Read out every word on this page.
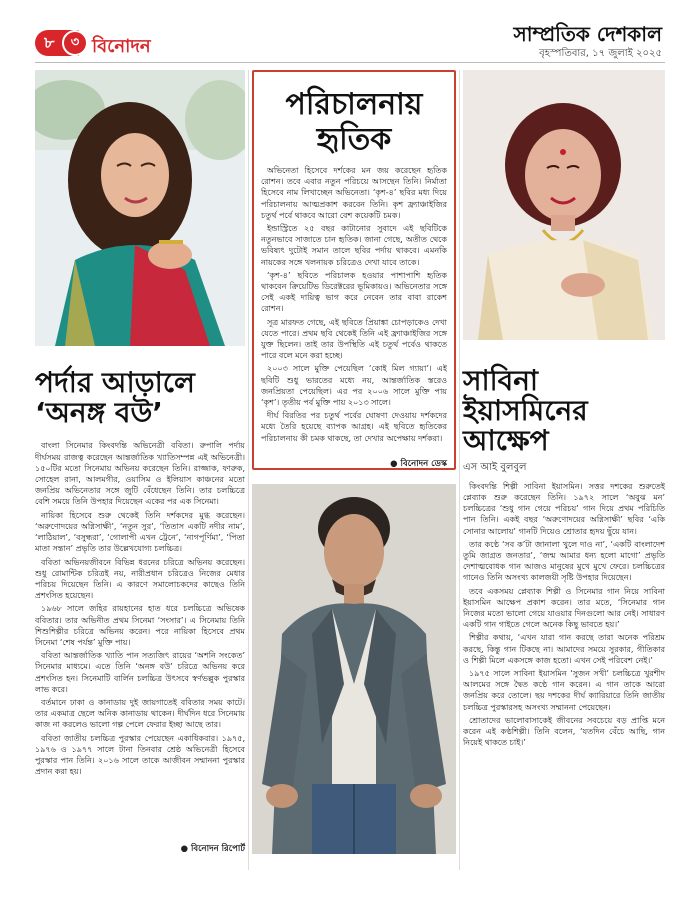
৮	৩ বিনোদন
সাম্প্রতিক দেশকাল
বৃহস্পতিবার, ১৭ জুলাই ২০২৫
পর্দার আড়ালে
‘অনঙ্গ বউ’

বাংলা সিনেমার কিংবদন্তি অভিনেত্রী ববিতা। রুপালি পর্দায় দীর্ঘসময় রাজত্ব করেছেন আন্তর্জাতিক খ্যাতিসম্পন্ন এই অভিনেত্রী। ১৫০টির মতো সিনেমায় অভিনয় করেছেন তিনি। রাজ্জাক, ফারুক, সোহেল রানা, আলমগীর, ওয়াসিম ও ইলিয়াস কাঞ্চনের মতো জনপ্রিয় অভিনেতার সঙ্গে জুটি বেঁধেছেন তিনি। তার চলচ্চিত্রে বেশি সময়ে তিনি উপহার দিয়েছেন একের পর এক সিনেমা।

নায়িকা হিসেবে শুরু থেকেই তিনি দর্শকদের মুগ্ধ করেছেন। ‘অরুণোদয়ের অগ্নিসাক্ষী’, ‘নতুন সুর’, ‘তিতাস একটি নদীর নাম’, ‘লাঠিয়াল’, ‘বসুন্ধরা’, ‘গোলাপী এখন ট্রেনে’, ‘নাগপূর্ণিমা’, ‘পিতা মাতা সন্তান’ প্রভৃতি তার উল্লেখযোগ্য চলচ্চিত্র।

ববিতা অভিনয়জীবনে বিভিন্ন ধরনের চরিত্রে অভিনয় করেছেন। শুধু রোমান্টিক চরিত্রই নয়, নারীপ্রধান চরিত্রেও নিজের মেধার পরিচয় দিয়েছেন তিনি। এ কারণে সমালোচকদের কাছেও তিনি প্রশংসিত হয়েছেন।

১৯৬৮ সালে জহির রায়হানের হাত ধরে চলচ্চিত্রে অভিষেক ববিতার। তার অভিনীত প্রথম সিনেমা ‘সংসার’। এ সিনেমায় তিনি শিশুশিল্পীর চরিত্রে অভিনয় করেন। পরে নায়িকা হিসেবে প্রথম সিনেমা ‘শেষ পর্যন্ত’ মুক্তি পায়।

ববিতা আন্তর্জাতিক খ্যাতি পান সত্যজিৎ রায়ের ‘অশনি সংকেত’ সিনেমার মাধ্যমে। এতে তিনি ‘অনঙ্গ বউ’ চরিত্রে অভিনয় করে প্রশংসিত হন। সিনেমাটি বার্লিন চলচ্চিত্র উৎসবে স্বর্ণভল্লুক পুরস্কার লাভ করে।

বর্তমানে ঢাকা ও কানাডায় দুই জায়গাতেই ববিতার সময় কাটে। তার একমাত্র ছেলে অনিক কানাডায় থাকেন। দীর্ঘদিন ধরে সিনেমায় কাজ না করলেও ভালো গল্প পেলে ফেরার ইচ্ছা আছে তার।

ববিতা জাতীয় চলচ্চিত্র পুরস্কার পেয়েছেন একাধিকবার। ১৯৭৫, ১৯৭৬ ও ১৯৭৭ সালে টানা তিনবার শ্রেষ্ঠ অভিনেত্রী হিসেবে পুরস্কার পান তিনি। ২০১৬ সালে তাকে আজীবন সম্মাননা পুরস্কার প্রদান করা হয়।

● বিনোদন রিপোর্ট
পরিচালনায়
হৃতিক

অভিনেতা হিসেবে দর্শকের মন জয় করেছেন হৃতিক রোশন। তবে এবার নতুন পরিচয়ে আসছেন তিনি। নির্মাতা হিসেবে নাম লিখাচ্ছেন অভিনেতা। ‘কৃশ-৪’ ছবির মধ্য দিয়ে পরিচালনায় আত্মপ্রকাশ করবেন তিনি। কৃশ ফ্র্যাঞ্চাইজির চতুর্থ পর্বে থাকবে আরো বেশ কয়েকটি চমক।

ইন্ডাস্ট্রিতে ২৫ বছর কাটানোর সুবাদে এই ছবিটিকে নতুনভাবে সাজাতে চান হৃতিক। জানা গেছে, অতীত থেকে ভবিষ্যৎ দুটোই সমান তালে ছবির পর্দায় থাকবে। এমনকি নায়কের সঙ্গে খলনায়ক চরিত্রেও দেখা যাবে তাকে।

‘কৃশ-৪’ ছবিতে পরিচালক হওয়ার পাশাপাশি হৃতিক থাকবেন ক্রিয়েটিভ ডিরেক্টরের ভূমিকায়ও। অভিনেতার সঙ্গে সেই একই দায়িত্ব ভাগ করে নেবেন তার বাবা রাকেশ রোশন।

সূত্র মারফত গেছে, এই ছবিতে প্রিয়াঙ্কা চোপড়াকেও দেখা যেতে পারে। প্রথম ছবি থেকেই তিনি এই ফ্র্যাঞ্চাইজির সঙ্গে যুক্ত ছিলেন। তাই তার উপস্থিতি এই চতুর্থ পর্বেও থাকতে পারে বলে মনে করা হচ্ছে।

২০০৩ সালে মুক্তি পেয়েছিল ‘কোই মিল গ্যায়া’। এই ছবিটি শুধু ভারতের মধ্যে নয়, আন্তর্জাতিক স্তরেও জনপ্রিয়তা পেয়েছিল। এর পর ২০০৬ সালে মুক্তি পায় ‘কৃশ’। তৃতীয় পর্ব মুক্তি পায় ২০১৩ সালে।

দীর্ঘ বিরতির পর চতুর্থ পর্বের ঘোষণা দেওয়ায় দর্শকদের মধ্যে তৈরি হয়েছে ব্যাপক আগ্রহ। এই ছবিতে হৃতিকের পরিচালনায় কী চমক থাকছে, তা দেখার অপেক্ষায় দর্শকরা।

● বিনোদন ডেস্ক
সাবিনা
ইয়াসমিনের
আক্ষেপ
এস আই বুলবুল

কিংবদন্তি শিল্পী সাবিনা ইয়াসমিন। সত্তর দশকের শুরুতেই প্লেব্যাক শুরু করেছেন তিনি। ১৯৭২ সালে ‘অবুঝ মন’ চলচ্চিত্রের ‘শুধু গান গেয়ে পরিচয়’ গান দিয়ে প্রথম পরিচিতি পান তিনি। একই বছর ‘অরুণোদয়ের অগ্নিসাক্ষী’ ছবির ‘একি সোনার আলোয়’ গানটি দিয়েও শ্রোতার হৃদয় ছুঁয়ে যান।

তার কণ্ঠে ‘সব ক’টা জানালা খুলে দাও না’, ‘একটি বাংলাদেশ তুমি জাগ্রত জনতার’, ‘জন্ম আমার ধন্য হলো মাগো’ প্রভৃতি দেশাত্মবোধক গান আজও মানুষের মুখে মুখে ফেরে। চলচ্চিত্রের গানেও তিনি অসংখ্য কালজয়ী সৃষ্টি উপহার দিয়েছেন।

তবে একসময় প্লেব্যাক শিল্পী ও সিনেমার গান নিয়ে সাবিনা ইয়াসমিন আক্ষেপ প্রকাশ করেন। তার মতে, ‘সিনেমার গান নিজের মতো ভালো গেয়ে যাওয়ার দিনগুলো আর নেই। সাধারণ একটি গান গাইতে গেলে অনেক কিছু ভাবতে হয়।’

শিল্পীর কথায়, ‘এখন যারা গান করছে তারা অনেক পরিশ্রম করছে, কিন্তু গান টিকছে না। আমাদের সময়ে সুরকার, গীতিকার ও শিল্পী মিলে একসঙ্গে কাজ হতো। এখন সেই পরিবেশ নেই।’

১৯৭৫ সালে সাবিনা ইয়াসমিন ‘সুজন সখী’ চলচ্চিত্রে খুরশীদ আলমের সঙ্গে দ্বৈত কণ্ঠে গান করেন। এ গান তাকে আরো জনপ্রিয় করে তোলে। ছয় দশকের দীর্ঘ ক্যারিয়ারে তিনি জাতীয় চলচ্চিত্র পুরস্কারসহ অসংখ্য সম্মাননা পেয়েছেন।

শ্রোতাদের ভালোবাসাকেই জীবনের সবচেয়ে বড় প্রাপ্তি মনে করেন এই কণ্ঠশিল্পী। তিনি বলেন, ‘যতদিন বেঁচে আছি, গান নিয়েই থাকতে চাই।’
